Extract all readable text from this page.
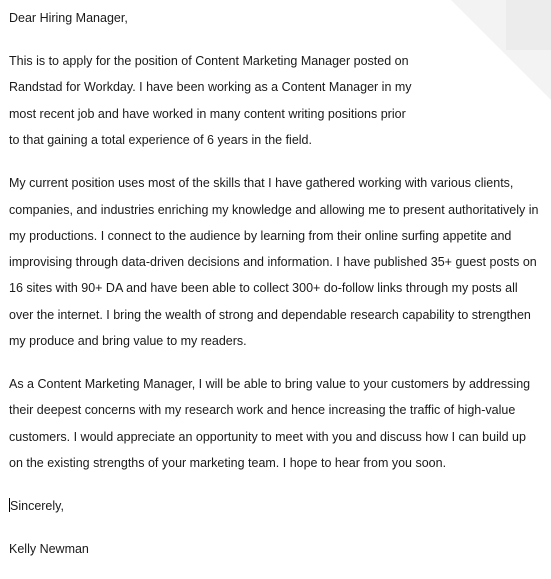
Dear Hiring Manager,
This is to apply for the position of Content Marketing Manager posted on
Randstad for Workday. I have been working as a Content Manager in my
most recent job and have worked in many content writing positions prior
to that gaining a total experience of 6 years in the field.
My current position uses most of the skills that I have gathered working with various clients,
companies, and industries enriching my knowledge and allowing me to present authoritatively in
my productions. I connect to the audience by learning from their online surfing appetite and
improvising through data-driven decisions and information. I have published 35+ guest posts on
16 sites with 90+ DA and have been able to collect 300+ do-follow links through my posts all
over the internet. I bring the wealth of strong and dependable research capability to strengthen
my produce and bring value to my readers.
As a Content Marketing Manager, I will be able to bring value to your customers by addressing
their deepest concerns with my research work and hence increasing the traffic of high-value
customers. I would appreciate an opportunity to meet with you and discuss how I can build up
on the existing strengths of your marketing team. I hope to hear from you soon.
Sincerely,
Kelly Newman
